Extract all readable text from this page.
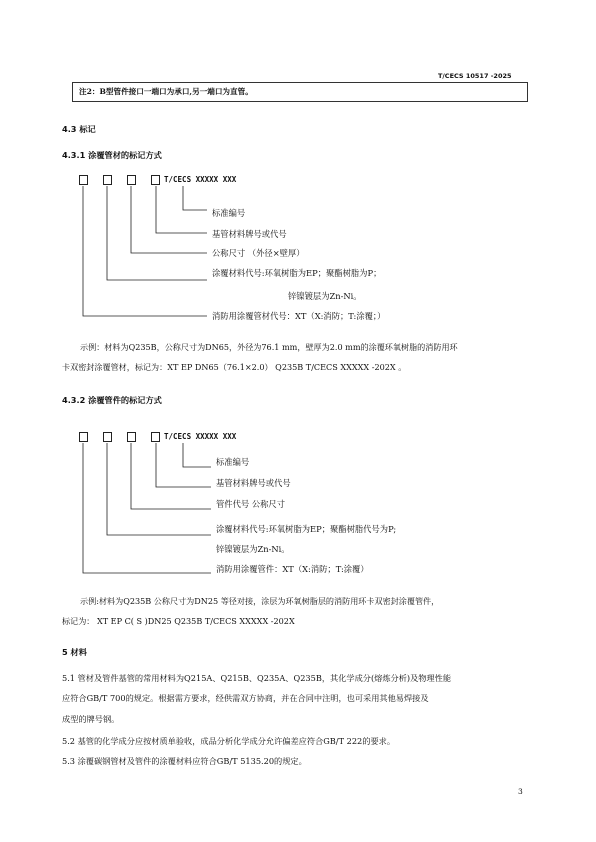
T/CECS 10517 -2025
注2：B型管件接口一端口为承口,另一端口为直管。
4.3 标记
4.3.1 涂覆管材的标记方式
T/CECS XXXXX XXX
标准编号
基管材料牌号或代号
公称尺寸 （外径×壁厚）
涂覆材料代号:环氧树脂为EP；聚酯树脂为P；
锌镍镀层为Zn-Ni。
消防用涂覆管材代号：XT（X:消防；T:涂覆；）
示例：材料为Q235B，公称尺寸为DN65，外径为76.1 mm，壁厚为2.0 mm的涂覆环氧树脂的消防用环
卡双密封涂覆管材，标记为：XT EP DN65（76.1×2.0） Q235B T/CECS XXXXX -202X 。
4.3.2 涂覆管件的标记方式
T/CECS XXXXX XXX
标准编号
基管材料牌号或代号
管件代号 公称尺寸
涂覆材料代号:环氧树脂为EP；聚酯树脂代号为P;
锌镍镀层为Zn-Ni。
消防用涂覆管件：XT（X:消防；T:涂覆）
示例:材料为Q235B 公称尺寸为DN25 等径对接，涂层为环氧树脂层的消防用环卡双密封涂覆管件，
标记为： XT EP C( S )DN25 Q235B T/CECS XXXXX -202X
5 材料
5.1 管材及管件基管的常用材料为Q215A、Q215B、Q235A、Q235B，其化学成分(熔炼分析)及物理性能
应符合GB/T 700的规定。根据需方要求，经供需双方协商，并在合同中注明，也可采用其他易焊接及
成型的牌号钢。
5.2 基管的化学成分应按材质单验收，成品分析化学成分允许偏差应符合GB/T 222的要求。
5.3 涂覆碳钢管材及管件的涂覆材料应符合GB/T 5135.20的规定。
3
